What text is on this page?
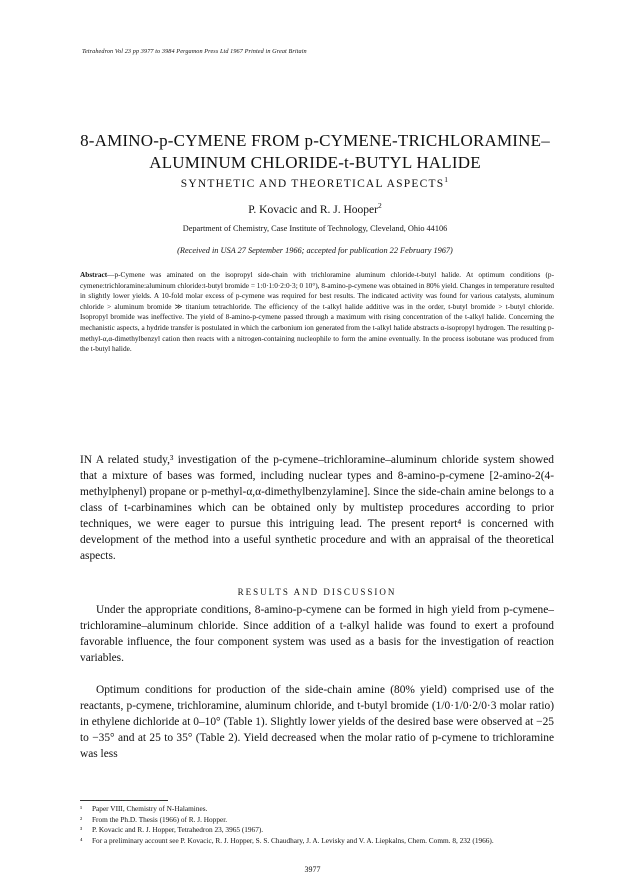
Tetrahedron Vol 23 pp 3977 to 3984 Pergamon Press Ltd 1967 Printed in Great Britain
8-AMINO-p-CYMENE FROM p-CYMENE-TRICHLORAMINE–
ALUMINUM CHLORIDE-t-BUTYL HALIDE
SYNTHETIC AND THEORETICAL ASPECTS$^1$
P. Kovacic and R. J. Hooper$^2$
Department of Chemistry, Case Institute of Technology, Cleveland, Ohio 44106
(Received in USA 27 September 1966; accepted for publication 22 February 1967)
Abstract—p-Cymene was aminated on the isopropyl side-chain with trichloramine aluminum chloride-t-butyl halide. At optimum conditions (p-cymene:trichloramine:aluminum chloride:t-butyl bromide = 1:0·1:0·2:0·3; 0 10°), 8-amino-p-cymene was obtained in 80% yield. Changes in temperature resulted in slightly lower yields. A 10-fold molar excess of p-cymene was required for best results. The indicated activity was found for various catalysts, aluminum chloride > aluminum bromide ≫ titanium tetrachloride. The efficiency of the t-alkyl halide additive was in the order, t-butyl bromide > t-butyl chloride. Isopropyl bromide was ineffective. The yield of 8-amino-p-cymene passed through a maximum with rising concentration of the t-alkyl halide. Concerning the mechanistic aspects, a hydride transfer is postulated in which the carbonium ion generated from the t-alkyl halide abstracts α-isopropyl hydrogen. The resulting p-methyl-α,α-dimethylbenzyl cation then reacts with a nitrogen-containing nucleophile to form the amine eventually. In the process isobutane was produced from the t-butyl halide.
IN A related study,³ investigation of the p-cymene–trichloramine–aluminum chloride system showed that a mixture of bases was formed, including nuclear types and 8-amino-p-cymene [2-amino-2(4-methylphenyl) propane or p-methyl-α,α-dimethylbenzylamine]. Since the side-chain amine belongs to a class of t-carbinamines which can be obtained only by multistep procedures according to prior techniques, we were eager to pursue this intriguing lead. The present report⁴ is concerned with development of the method into a useful synthetic procedure and with an appraisal of the theoretical aspects.
RESULTS AND DISCUSSION
Under the appropriate conditions, 8-amino-p-cymene can be formed in high yield from p-cymene–trichloramine–aluminum chloride. Since addition of a t-alkyl halide was found to exert a profound favorable influence, the four component system was used as a basis for the investigation of reaction variables.
Optimum conditions for production of the side-chain amine (80% yield) comprised use of the reactants, p-cymene, trichloramine, aluminum chloride, and t-butyl bromide (1/0·1/0·2/0·3 molar ratio) in ethylene dichloride at 0–10° (Table 1). Slightly lower yields of the desired base were observed at −25 to −35° and at 25 to 35° (Table 2). Yield decreased when the molar ratio of p-cymene to trichloramine was less
¹	Paper VIII, Chemistry of N-Halamines.
²	From the Ph.D. Thesis (1966) of R. J. Hopper.
³	P. Kovacic and R. J. Hopper, Tetrahedron 23, 3965 (1967).
⁴	For a preliminary account see P. Kovacic, R. J. Hopper, S. S. Chaudhary, J. A. Levisky and V. A. Liepkalns, Chem. Comm. 8, 232 (1966).
3977
